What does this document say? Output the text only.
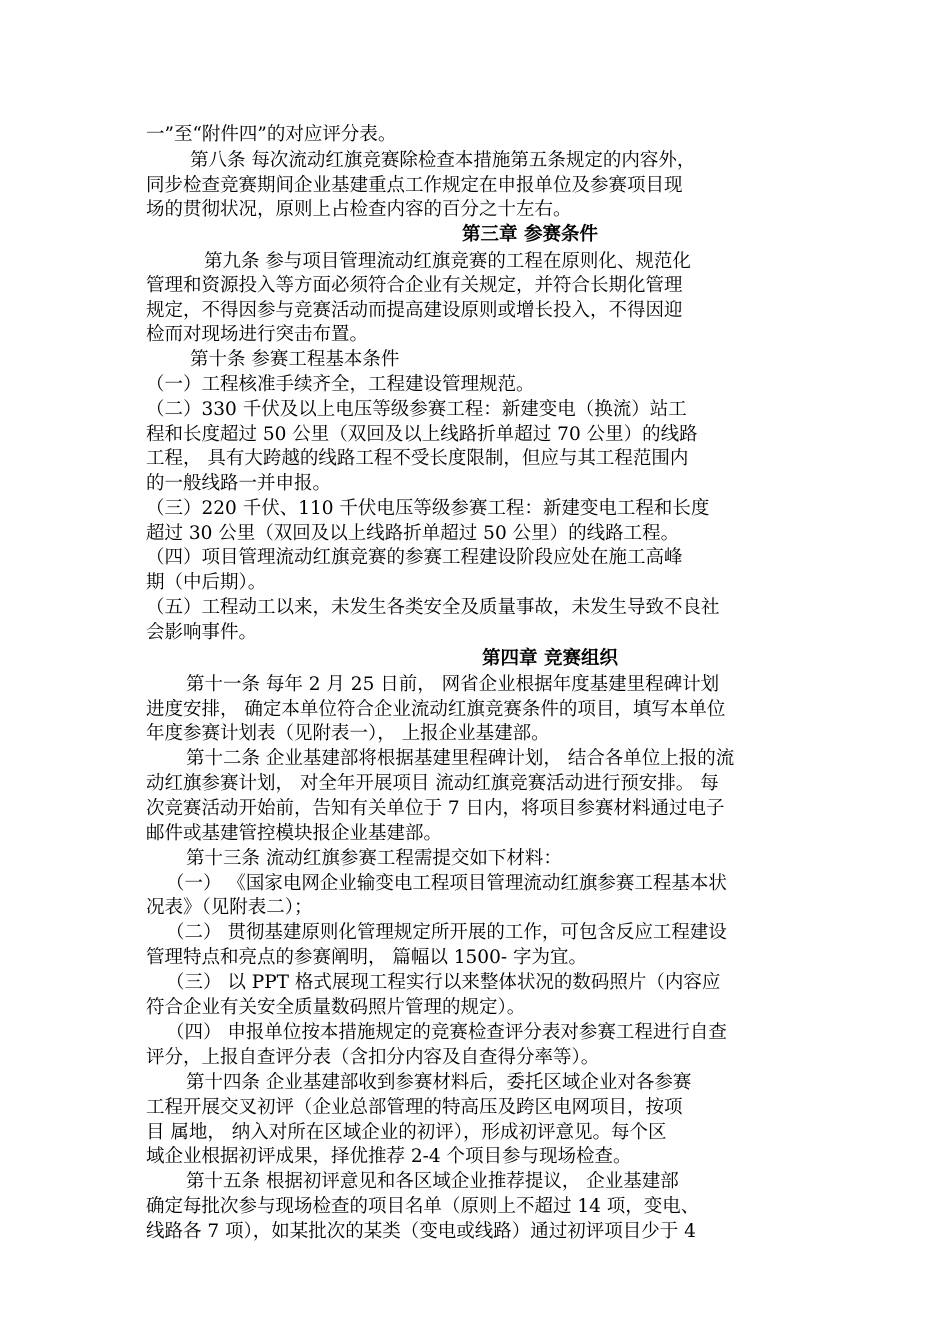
一”至“附件四”的对应评分表。
第八条 每次流动红旗竞赛除检查本措施第五条规定的内容外，
同步检查竞赛期间企业基建重点工作规定在申报单位及参赛项目现
场的贯彻状况，原则上占检查内容的百分之十左右。
第三章 参赛条件
第九条 参与项目管理流动红旗竞赛的工程在原则化、规范化
管理和资源投入等方面必须符合企业有关规定，并符合长期化管理
规定，不得因参与竞赛活动而提高建设原则或增长投入，不得因迎
检而对现场进行突击布置。
第十条 参赛工程基本条件
（一）工程核准手续齐全，工程建设管理规范。
（二）330 千伏及以上电压等级参赛工程：新建变电（换流）站工
程和长度超过 50 公里（双回及以上线路折单超过 70 公里）的线路
工程， 具有大跨越的线路工程不受长度限制，但应与其工程范围内
的一般线路一并申报。
（三）220 千伏、110 千伏电压等级参赛工程：新建变电工程和长度
超过 30 公里（双回及以上线路折单超过 50 公里）的线路工程。
（四）项目管理流动红旗竞赛的参赛工程建设阶段应处在施工高峰
期（中后期）。
（五）工程动工以来，未发生各类安全及质量事故，未发生导致不良社
会影响事件。
第四章 竞赛组织
第十一条 每年 2 月 25 日前， 网省企业根据年度基建里程碑计划
进度安排， 确定本单位符合企业流动红旗竞赛条件的项目，填写本单位
年度参赛计划表（见附表一）， 上报企业基建部。
第十二条 企业基建部将根据基建里程碑计划， 结合各单位上报的流
动红旗参赛计划， 对全年开展项目 流动红旗竞赛活动进行预安排。 每
次竞赛活动开始前，告知有关单位于 7 日内，将项目参赛材料通过电子
邮件或基建管控模块报企业基建部。
第十三条 流动红旗参赛工程需提交如下材料：
（一） 《国家电网企业输变电工程项目管理流动红旗参赛工程基本状
况表》（见附表二）；
（二） 贯彻基建原则化管理规定所开展的工作，可包含反应工程建设
管理特点和亮点的参赛阐明， 篇幅以 1500- 字为宜。
（三） 以 PPT 格式展现工程实行以来整体状况的数码照片（内容应
符合企业有关安全质量数码照片管理的规定）。
（四） 申报单位按本措施规定的竞赛检查评分表对参赛工程进行自查
评分，上报自查评分表（含扣分内容及自查得分率等）。
第十四条 企业基建部收到参赛材料后，委托区域企业对各参赛
工程开展交叉初评（企业总部管理的特高压及跨区电网项目，按项
目 属地， 纳入对所在区域企业的初评），形成初评意见。每个区
域企业根据初评成果，择优推荐 2-4 个项目参与现场检查。
第十五条 根据初评意见和各区域企业推荐提议， 企业基建部
确定每批次参与现场检查的项目名单（原则上不超过 14 项，变电、
线路各 7 项），如某批次的某类（变电或线路）通过初评项目少于 4
